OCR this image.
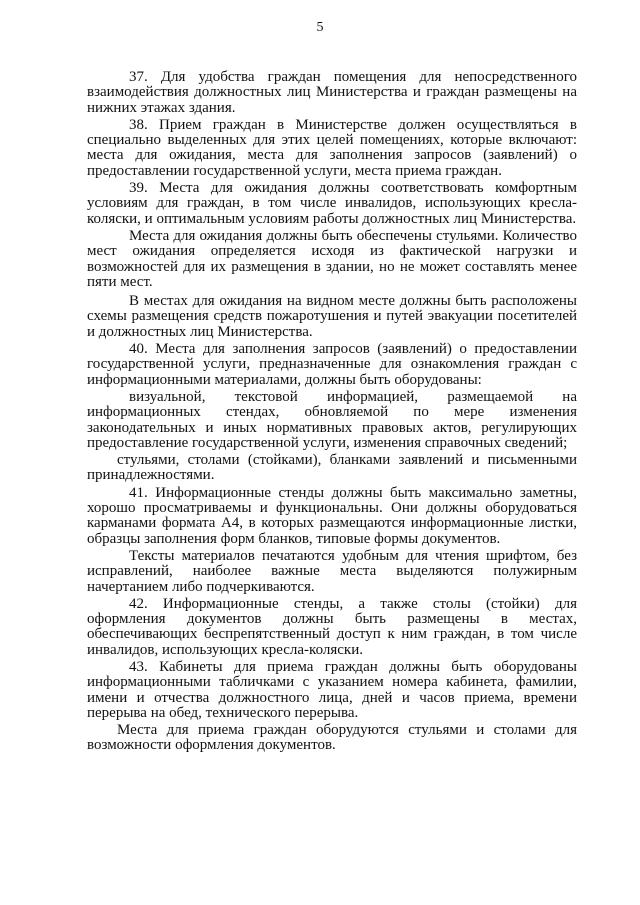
5

37. Для удобства граждан помещения для непосредственного взаимодействия должностных лиц Министерства и граждан размещены на нижних этажах здания.

38. Прием граждан в Министерстве должен осуществляться в специально выделенных для этих целей помещениях, которые включают: места для ожидания, места для заполнения запросов (заявлений) о предоставлении государственной услуги, места приема граждан.

39. Места для ожидания должны соответствовать комфортным условиям для граждан, в том числе инвалидов, использующих кресла-коляски, и оптимальным условиям работы должностных лиц Министерства.

Места для ожидания должны быть обеспечены стульями. Количество мест ожидания определяется исходя из фактической нагрузки и возможностей для их размещения в здании, но не может составлять менее пяти мест.

В местах для ожидания на видном месте должны быть расположены схемы размещения средств пожаротушения и путей эвакуации посетителей и должностных лиц Министерства.

40. Места для заполнения запросов (заявлений) о предоставлении государственной услуги, предназначенные для ознакомления граждан с информационными материалами, должны быть оборудованы:

визуальной, текстовой информацией, размещаемой на информационных стендах, обновляемой по мере изменения законодательных и иных нормативных правовых актов, регулирующих предоставление государственной услуги, изменения справочных сведений;

стульями, столами (стойками), бланками заявлений и письменными принадлежностями.

41. Информационные стенды должны быть максимально заметны, хорошо просматриваемы и функциональны. Они должны оборудоваться карманами формата А4, в которых размещаются информационные листки, образцы заполнения форм бланков, типовые формы документов.

Тексты материалов печатаются удобным для чтения шрифтом, без исправлений, наиболее важные места выделяются полужирным начертанием либо подчеркиваются.

42. Информационные стенды, а также столы (стойки) для оформления документов должны быть размещены в местах, обеспечивающих беспрепятственный доступ к ним граждан, в том числе инвалидов, использующих кресла-коляски.

43. Кабинеты для приема граждан должны быть оборудованы информационными табличками с указанием номера кабинета, фамилии, имени и отчества должностного лица, дней и часов приема, времени перерыва на обед, технического перерыва.

Места для приема граждан оборудуются стульями и столами для возможности оформления документов.
